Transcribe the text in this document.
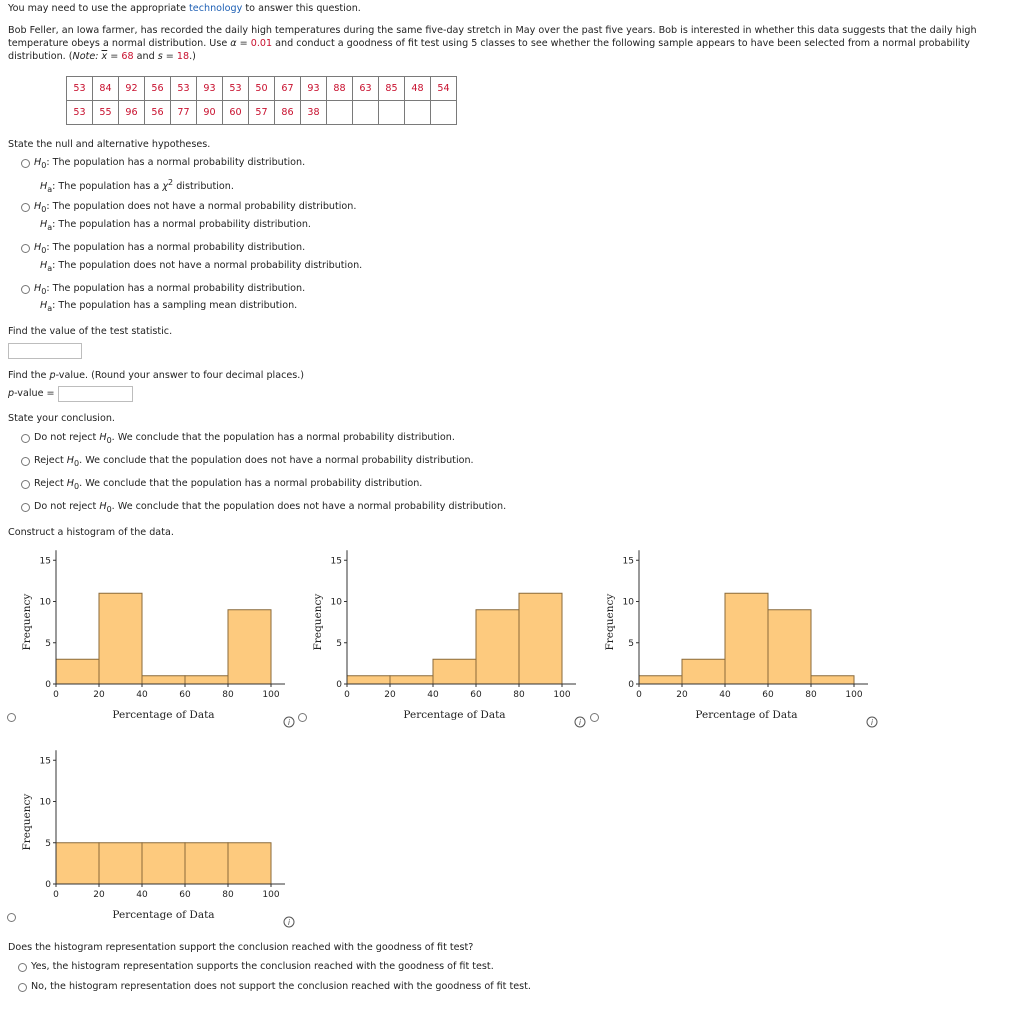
You may need to use the appropriate technology to answer this question.
Bob Feller, an Iowa farmer, has recorded the daily high temperatures during the same five-day stretch in May over the past five years. Bob is interested in whether this data suggests that the daily high temperature obeys a normal distribution. Use α = 0.01 and conduct a goodness of fit test using 5 classes to see whether the following sample appears to have been selected from a normal probability distribution. (Note: $\overline{x} = 68$ and s = 18.)
53	84	92	56	53	93	53	50	67	93	88	63	85	48	54
53	55	96	56	77	90	60	57	86	38					
State the null and alternative hypotheses.
$H_0$: The population has a normal probability distribution.
$H_a$: The population has a $\chi^2$ distribution.
$H_0$: The population does not have a normal probability distribution.
$H_a$: The population has a normal probability distribution.
$H_0$: The population has a normal probability distribution.
$H_a$: The population does not have a normal probability distribution.
$H_0$: The population has a normal probability distribution.
$H_a$: The population has a sampling mean distribution.
Find the value of the test statistic.
Find the p-value. (Round your answer to four decimal places.)
p-value =
State your conclusion.
Do not reject $H_0$. We conclude that the population has a normal probability distribution.
Reject $H_0$. We conclude that the population does not have a normal probability distribution.
Reject $H_0$. We conclude that the population has a normal probability distribution.
Do not reject $H_0$. We conclude that the population does not have a normal probability distribution.
Construct a histogram of the data.
0
5
10
15
0	20	40	60	80	100
Percentage of Data
Frequency
i
0
5
10
15
0	20	40	60	80	100
Percentage of Data
Frequency
i
0
5
10
15
0	20	40	60	80	100
Percentage of Data
Frequency
i
0
5
10
15
0	20	40	60	80	100
Percentage of Data
Frequency
i
Does the histogram representation support the conclusion reached with the goodness of fit test?
Yes, the histogram representation supports the conclusion reached with the goodness of fit test.
No, the histogram representation does not support the conclusion reached with the goodness of fit test.
